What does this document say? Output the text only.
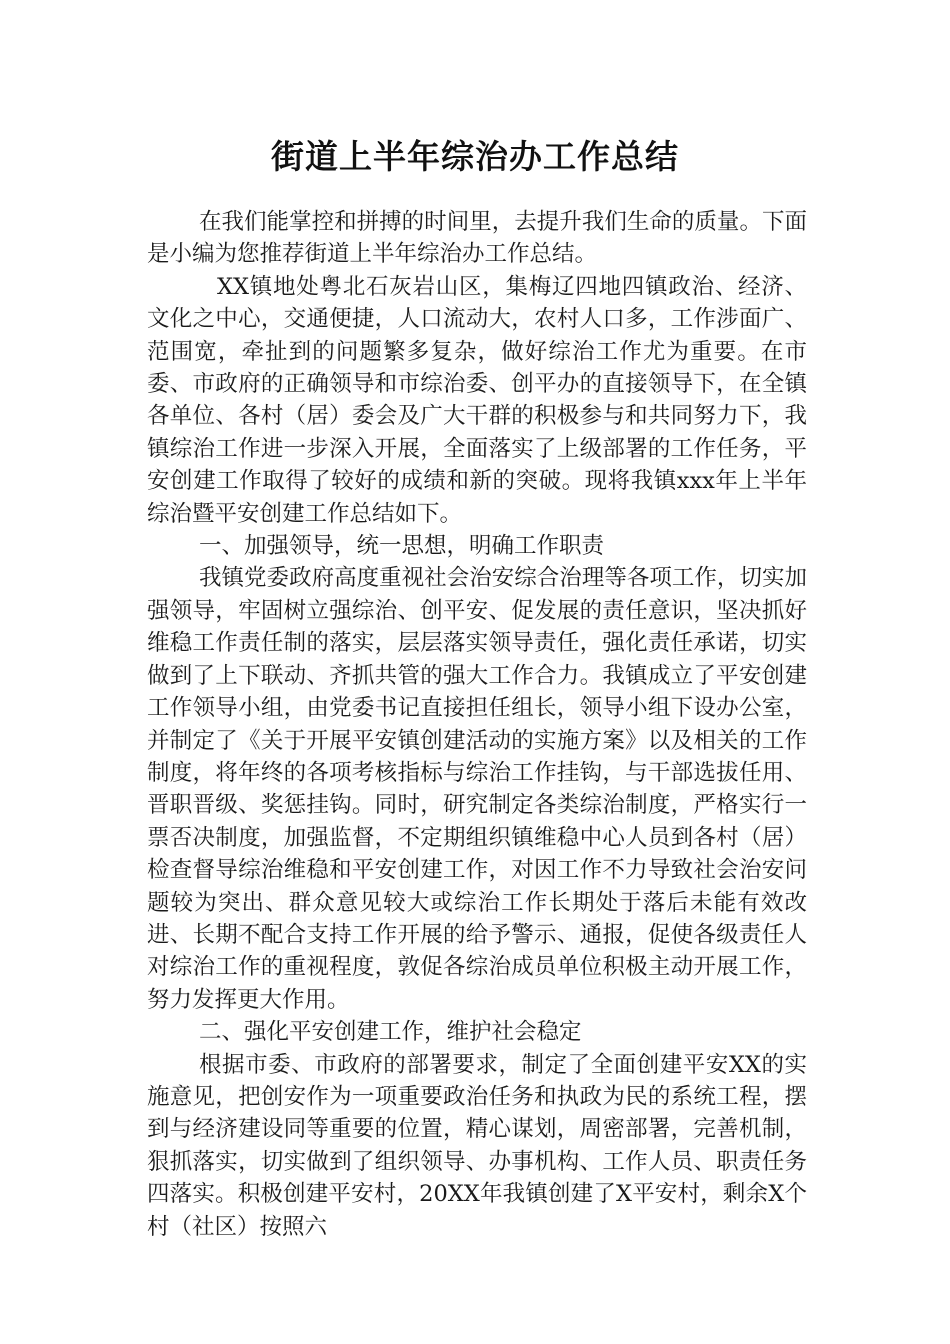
街道上半年综治办工作总结

在我们能掌控和拼搏的时间里，去提升我们生命的质量。下面是小编为您推荐街道上半年综治办工作总结。

XX镇地处粤北石灰岩山区，集梅辽四地四镇政治、经济、文化之中心，交通便捷，人口流动大，农村人口多，工作涉面广、范围宽，牵扯到的问题繁多复杂，做好综治工作尤为重要。在市委、市政府的正确领导和市综治委、创平办的直接领导下，在全镇各单位、各村（居）委会及广大干群的积极参与和共同努力下，我镇综治工作进一步深入开展，全面落实了上级部署的工作任务，平安创建工作取得了较好的成绩和新的突破。现将我镇xxx年上半年综治暨平安创建工作总结如下。

一、加强领导，统一思想，明确工作职责

我镇党委政府高度重视社会治安综合治理等各项工作，切实加强领导，牢固树立强综治、创平安、促发展的责任意识，坚决抓好维稳工作责任制的落实，层层落实领导责任，强化责任承诺，切实做到了上下联动、齐抓共管的强大工作合力。我镇成立了平安创建工作领导小组，由党委书记直接担任组长，领导小组下设办公室，并制定了《关于开展平安镇创建活动的实施方案》以及相关的工作制度，将年终的各项考核指标与综治工作挂钩，与干部选拔任用、晋职晋级、奖惩挂钩。同时，研究制定各类综治制度，严格实行一票否决制度，加强监督，不定期组织镇维稳中心人员到各村（居）检查督导综治维稳和平安创建工作，对因工作不力导致社会治安问题较为突出、群众意见较大或综治工作长期处于落后未能有效改进、长期不配合支持工作开展的给予警示、通报，促使各级责任人对综治工作的重视程度，敦促各综治成员单位积极主动开展工作，努力发挥更大作用。

二、强化平安创建工作，维护社会稳定

根据市委、市政府的部署要求，制定了全面创建平安XX的实施意见，把创安作为一项重要政治任务和执政为民的系统工程，摆到与经济建设同等重要的位置，精心谋划，周密部署，完善机制，狠抓落实，切实做到了组织领导、办事机构、工作人员、职责任务四落实。积极创建平安村，20XX年我镇创建了X平安村，剩余X个村（社区）按照六
